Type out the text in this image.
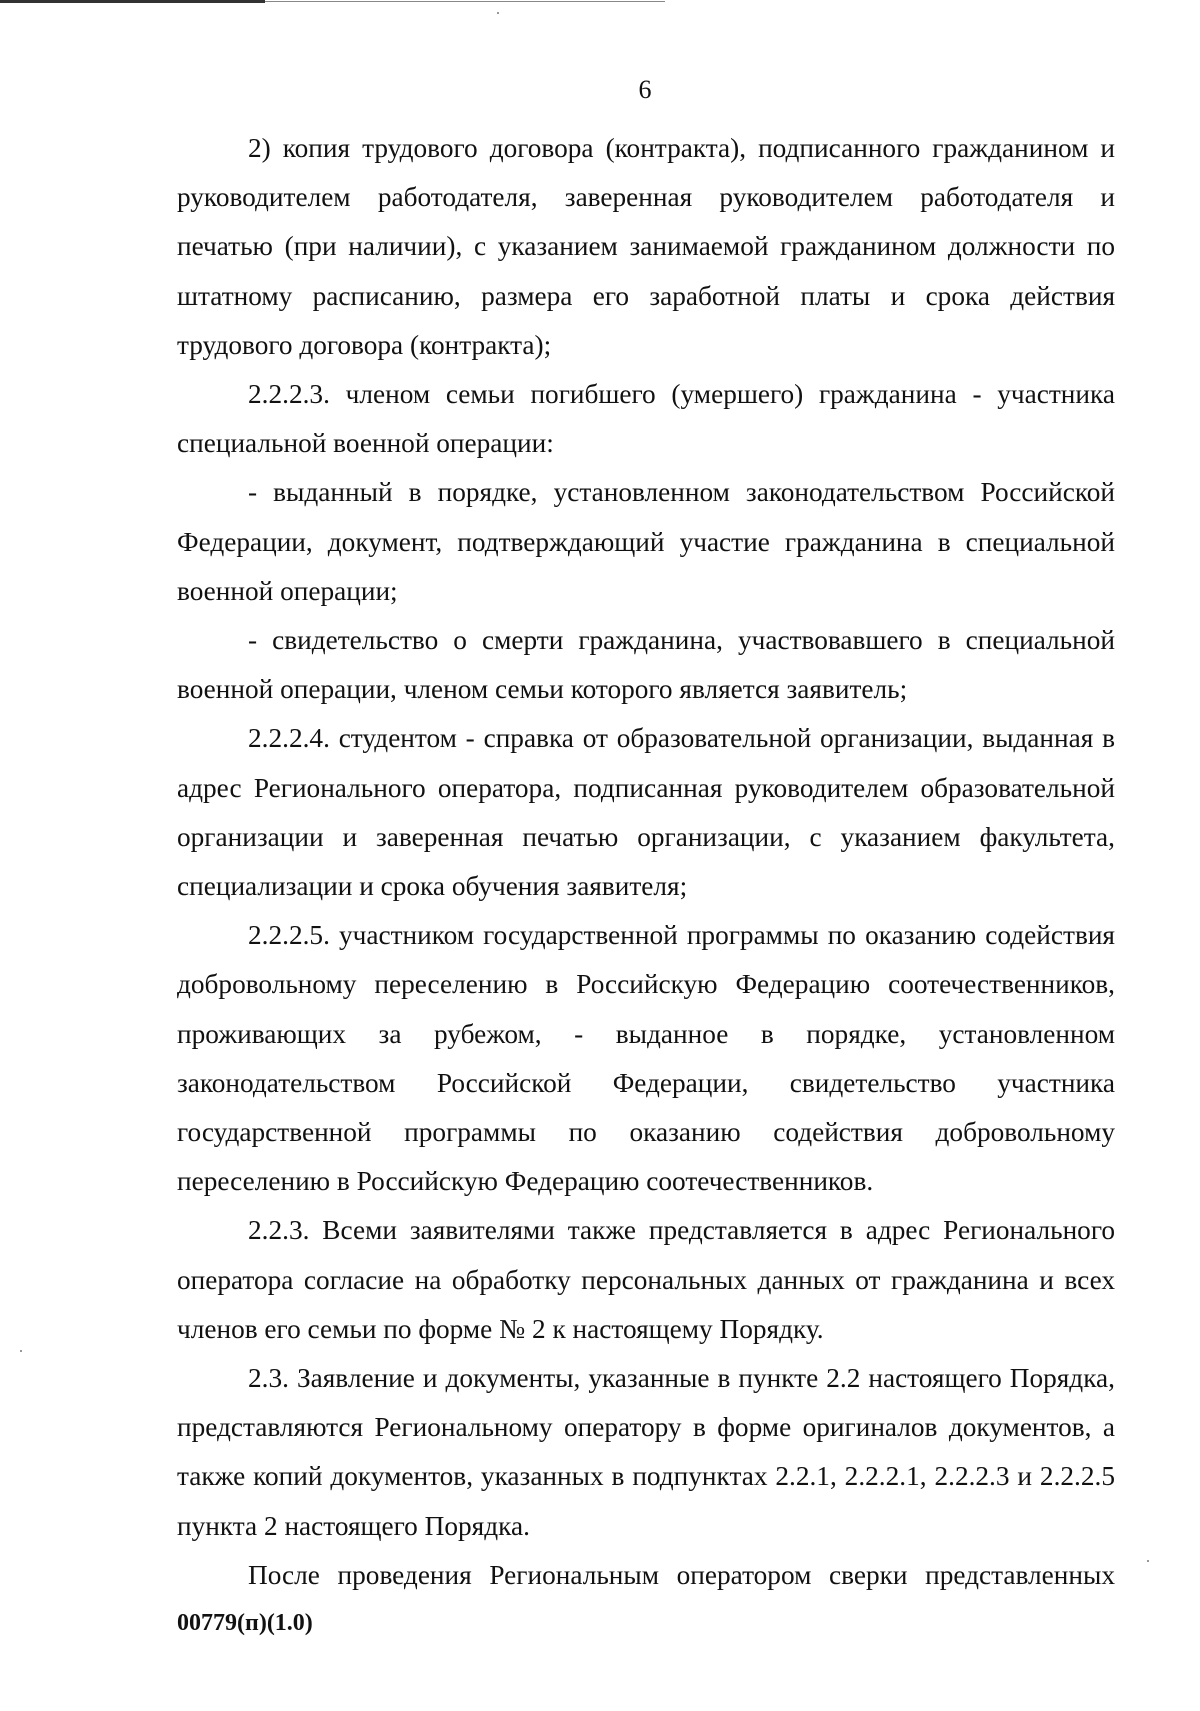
6

2) копия трудового договора (контракта), подписанного гражданином и руководителем работодателя, заверенная руководителем работодателя и печатью (при наличии), с указанием занимаемой гражданином должности по штатному расписанию, размера его заработной платы и срока действия трудового договора (контракта);

2.2.2.3. членом семьи погибшего (умершего) гражданина - участника специальной военной операции:

- выданный в порядке, установленном законодательством Российской Федерации, документ, подтверждающий участие гражданина в специальной военной операции;

- свидетельство о смерти гражданина, участвовавшего в специальной военной операции, членом семьи которого является заявитель;

2.2.2.4. студентом - справка от образовательной организации, выданная в адрес Регионального оператора, подписанная руководителем образовательной организации и заверенная печатью организации, с указанием факультета, специализации и срока обучения заявителя;

2.2.2.5. участником государственной программы по оказанию содействия добровольному переселению в Российскую Федерацию соотечественников, проживающих за рубежом, - выданное в порядке, установленном законодательством Российской Федерации, свидетельство участника государственной программы по оказанию содействия добровольному переселению в Российскую Федерацию соотечественников.

2.2.3. Всеми заявителями также представляется в адрес Регионального оператора согласие на обработку персональных данных от гражданина и всех членов его семьи по форме № 2 к настоящему Порядку.

2.3. Заявление и документы, указанные в пункте 2.2 настоящего Порядка, представляются Региональному оператору в форме оригиналов документов, а также копий документов, указанных в подпунктах 2.2.1, 2.2.2.1, 2.2.2.3 и 2.2.2.5 пункта 2 настоящего Порядка.

После проведения Региональным оператором сверки представленных

00779(п)(1.0)
